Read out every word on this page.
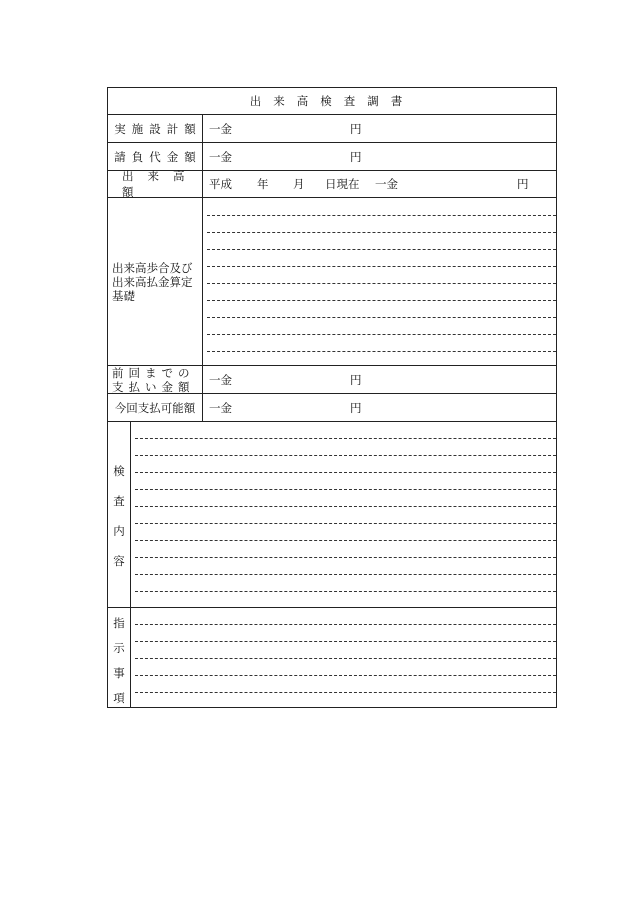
出来高検査調書
実施設計額 一金	円
請負代金額 一金	円
出来高額
平成 年 月 日現在 一金	円
出来高歩合及び
出来高払金算定
基礎
前回までの
支払い金額	一金	円
今回支払可能額	一金	円
検
査
内
容
指
示
事
項
